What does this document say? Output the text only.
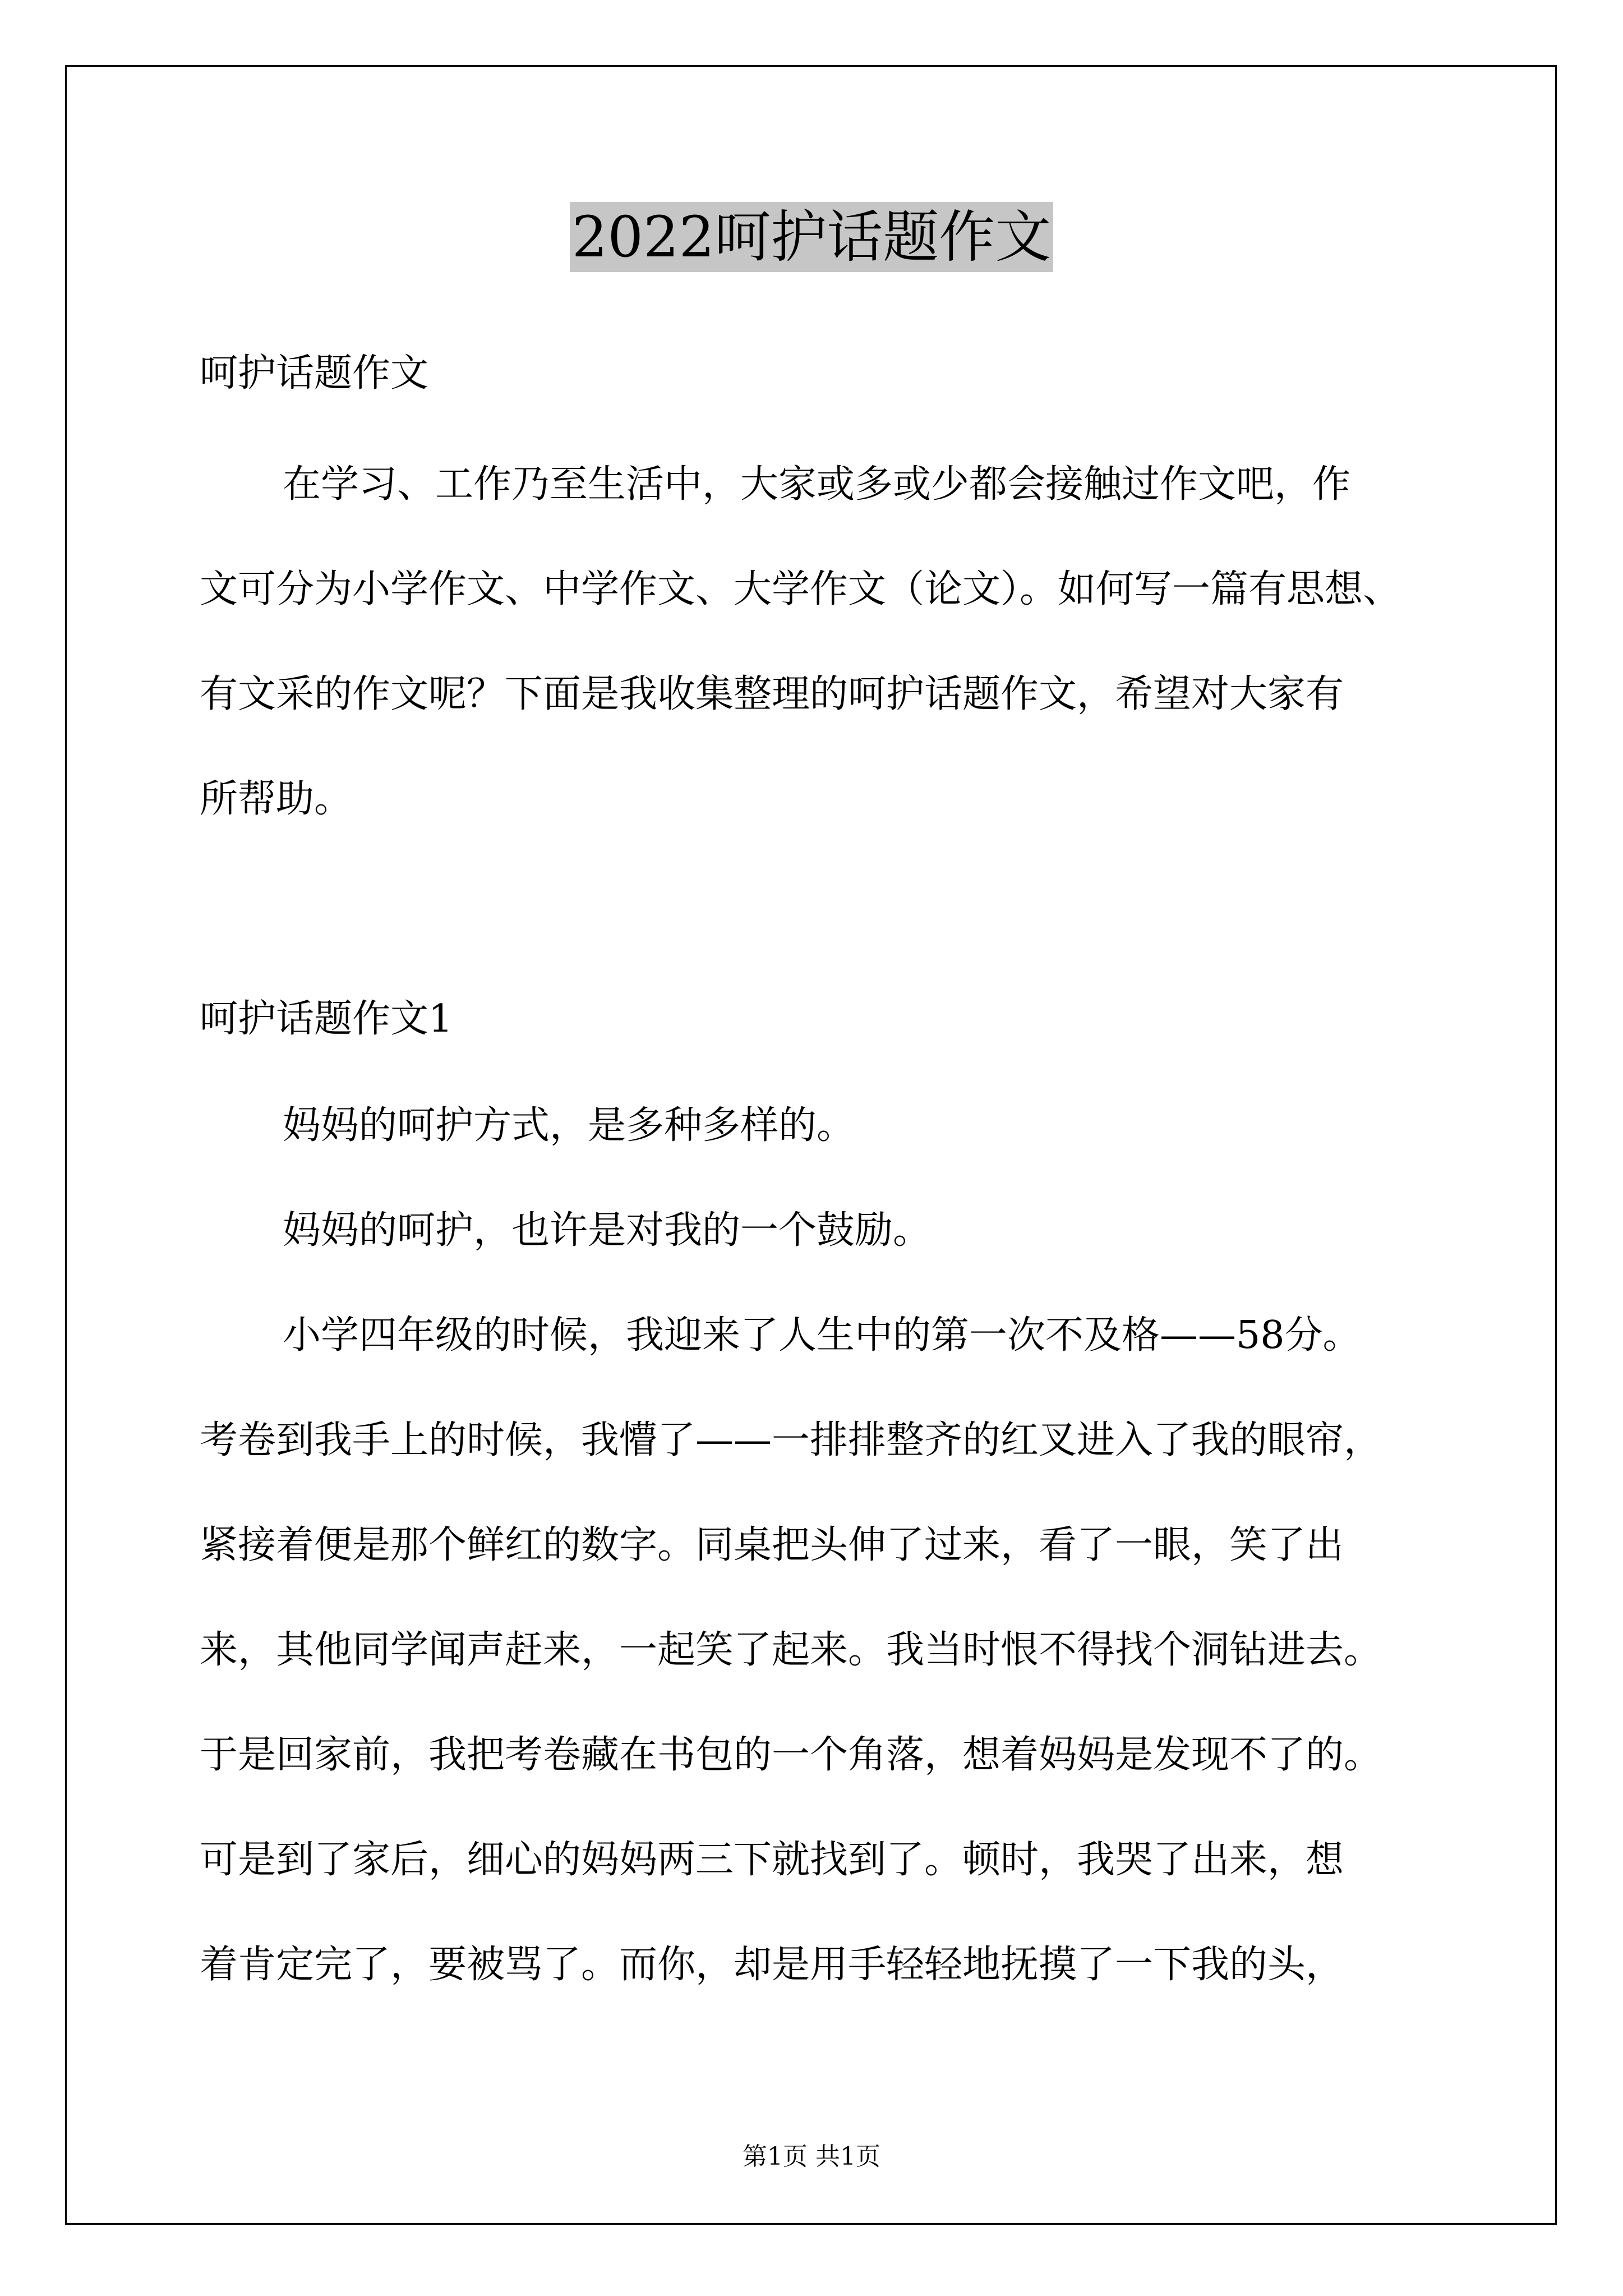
2022呵护话题作文
呵护话题作文
在学习、工作乃至生活中，大家或多或少都会接触过作文吧，作
文可分为小学作文、中学作文、大学作文（论文）。如何写一篇有思想、
有文采的作文呢？下面是我收集整理的呵护话题作文，希望对大家有
所帮助。
呵护话题作文1
妈妈的呵护方式，是多种多样的。
妈妈的呵护，也许是对我的一个鼓励。
小学四年级的时候，我迎来了人生中的第一次不及格——58分。
考卷到我手上的时候，我懵了——一排排整齐的红叉进入了我的眼帘，
紧接着便是那个鲜红的数字。同桌把头伸了过来，看了一眼，笑了出
来，其他同学闻声赶来，一起笑了起来。我当时恨不得找个洞钻进去。
于是回家前，我把考卷藏在书包的一个角落，想着妈妈是发现不了的。
可是到了家后，细心的妈妈两三下就找到了。顿时，我哭了出来，想
着肯定完了，要被骂了。而你，却是用手轻轻地抚摸了一下我的头，
第1页 共1页
